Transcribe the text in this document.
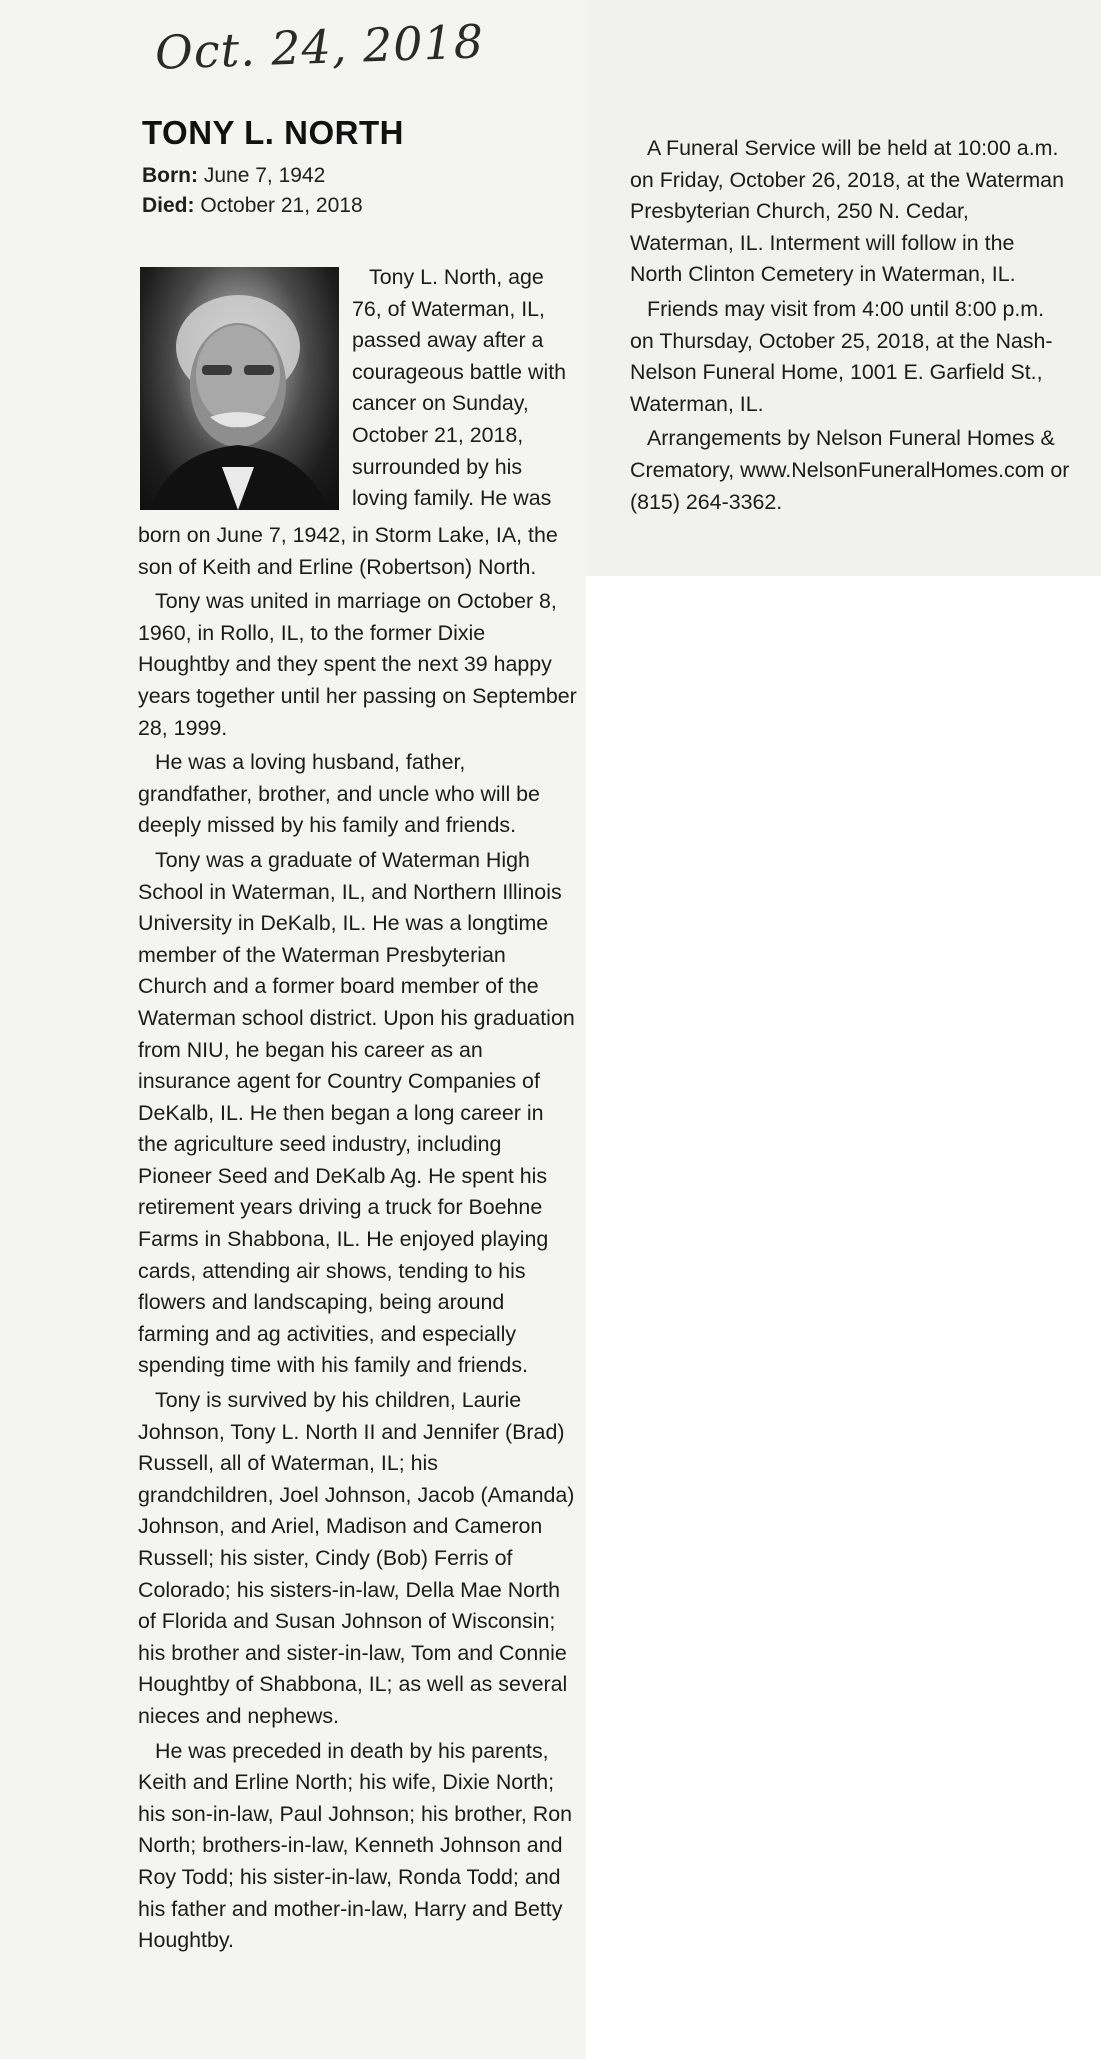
Oct. 24, 2018
TONY L. NORTH
Born: June 7, 1942
Died: October 21, 2018

Tony L. North, age 76, of Waterman, IL, passed away after a courageous battle with cancer on Sunday, October 21, 2018, surrounded by his loving family. He was

born on June 7, 1942, in Storm Lake, IA, the son of Keith and Erline (Robertson) North.

Tony was united in marriage on October 8, 1960, in Rollo, IL, to the former Dixie Houghtby and they spent the next 39 happy years together until her passing on September 28, 1999.

He was a loving husband, father, grandfather, brother, and uncle who will be deeply missed by his family and friends.

Tony was a graduate of Waterman High School in Waterman, IL, and Northern Illinois University in DeKalb, IL. He was a longtime member of the Waterman Presbyterian Church and a former board member of the Waterman school district. Upon his graduation from NIU, he began his career as an insurance agent for Country Companies of DeKalb, IL. He then began a long career in the agriculture seed industry, including Pioneer Seed and DeKalb Ag. He spent his retirement years driving a truck for Boehne Farms in Shabbona, IL. He enjoyed playing cards, attending air shows, tending to his flowers and landscaping, being around farming and ag activities, and especially spending time with his family and friends.

Tony is survived by his children, Laurie Johnson, Tony L. North II and Jennifer (Brad) Russell, all of Waterman, IL; his grandchildren, Joel Johnson, Jacob (Amanda) Johnson, and Ariel, Madison and Cameron Russell; his sister, Cindy (Bob) Ferris of Colorado; his sisters-in-law, Della Mae North of Florida and Susan Johnson of Wisconsin; his brother and sister-in-law, Tom and Connie Houghtby of Shabbona, IL; as well as several nieces and nephews.

He was preceded in death by his parents, Keith and Erline North; his wife, Dixie North; his son-in-law, Paul Johnson; his brother, Ron North; brothers-in-law, Kenneth Johnson and Roy Todd; his sister-in-law, Ronda Todd; and his father and mother-in-law, Harry and Betty Houghtby.

A Funeral Service will be held at 10:00 a.m. on Friday, October 26, 2018, at the Waterman Presbyterian Church, 250 N. Cedar, Waterman, IL. Interment will follow in the North Clinton Cemetery in Waterman, IL.

Friends may visit from 4:00 until 8:00 p.m. on Thursday, October 25, 2018, at the Nash-Nelson Funeral Home, 1001 E. Garfield St., Waterman, IL.

Arrangements by Nelson Funeral Homes & Crematory, www.NelsonFuneralHomes.com or (815) 264-3362.
